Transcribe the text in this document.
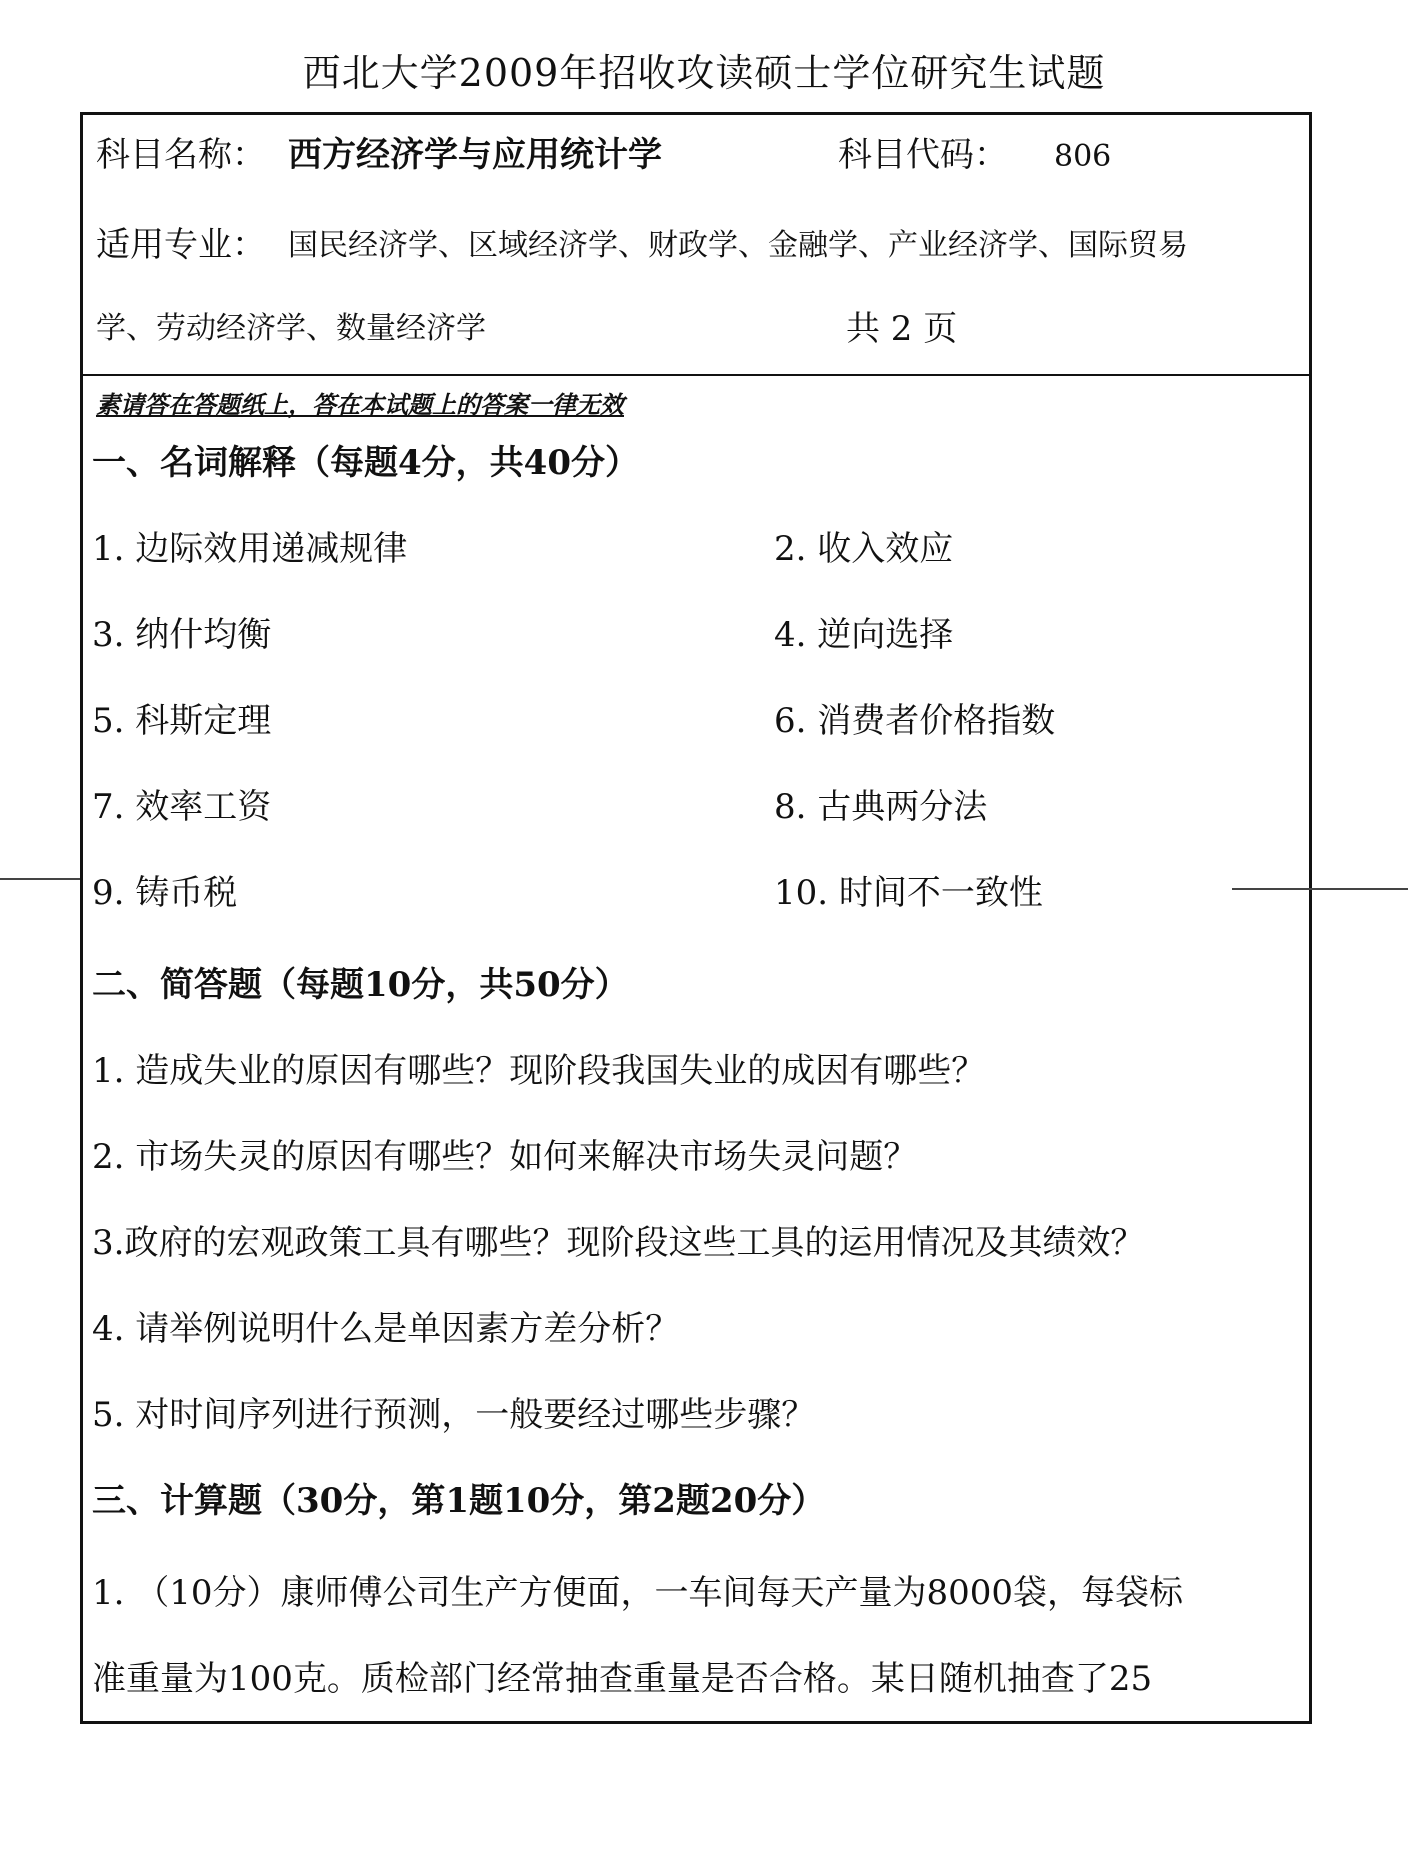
西北大学2009年招收攻读硕士学位研究生试题
科目名称： 西方经济学与应用统计学	科目代码： 806
适用专业： 国民经济学、区域经济学、财政学、金融学、产业经济学、国际贸易
学、劳动经济学、数量经济学	共 2 页
素请答在答题纸上，答在本试题上的答案一律无效
一、名词解释（每题4分，共40分）
1. 边际效用递减规律	2. 收入效应
3. 纳什均衡	4. 逆向选择
5. 科斯定理	6. 消费者价格指数
7. 效率工资	8. 古典两分法
9. 铸币税	10. 时间不一致性
二、简答题（每题10分，共50分）
1. 造成失业的原因有哪些？现阶段我国失业的成因有哪些？
2. 市场失灵的原因有哪些？如何来解决市场失灵问题？
3.政府的宏观政策工具有哪些？现阶段这些工具的运用情况及其绩效？
4. 请举例说明什么是单因素方差分析？
5. 对时间序列进行预测，一般要经过哪些步骤？
三、计算题（30分，第1题10分，第2题20分）
1. （10分）康师傅公司生产方便面，一车间每天产量为8000袋，每袋标
准重量为100克。质检部门经常抽查重量是否合格。某日随机抽查了25
